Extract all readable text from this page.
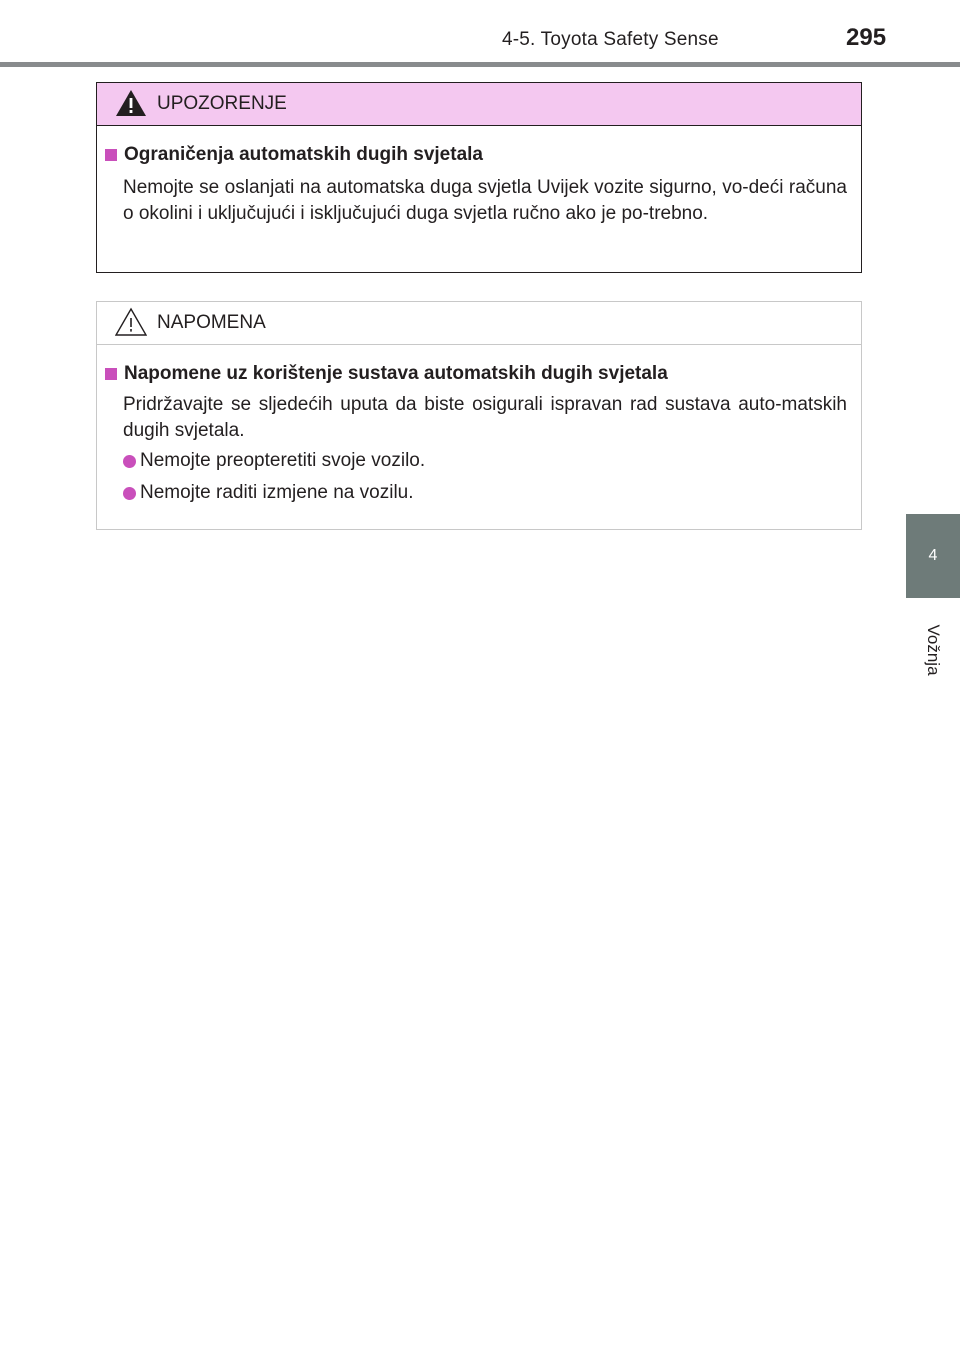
4-5. Toyota Safety Sense	295
4
Vožnja
UPOZORENJE
Ograničenja automatskih dugih svjetala
Nemojte se oslanjati na automatska duga svjetla Uvijek vozite sigurno, vo-deći računa o okolini i uključujući i isključujući duga svjetla ručno ako je po-trebno.
NAPOMENA
Napomene uz korištenje sustava automatskih dugih svjetala
Pridržavajte se sljedećih uputa da biste osigurali ispravan rad sustava auto-matskih dugih svjetala.
Nemojte preopteretiti svoje vozilo.
Nemojte raditi izmjene na vozilu.
